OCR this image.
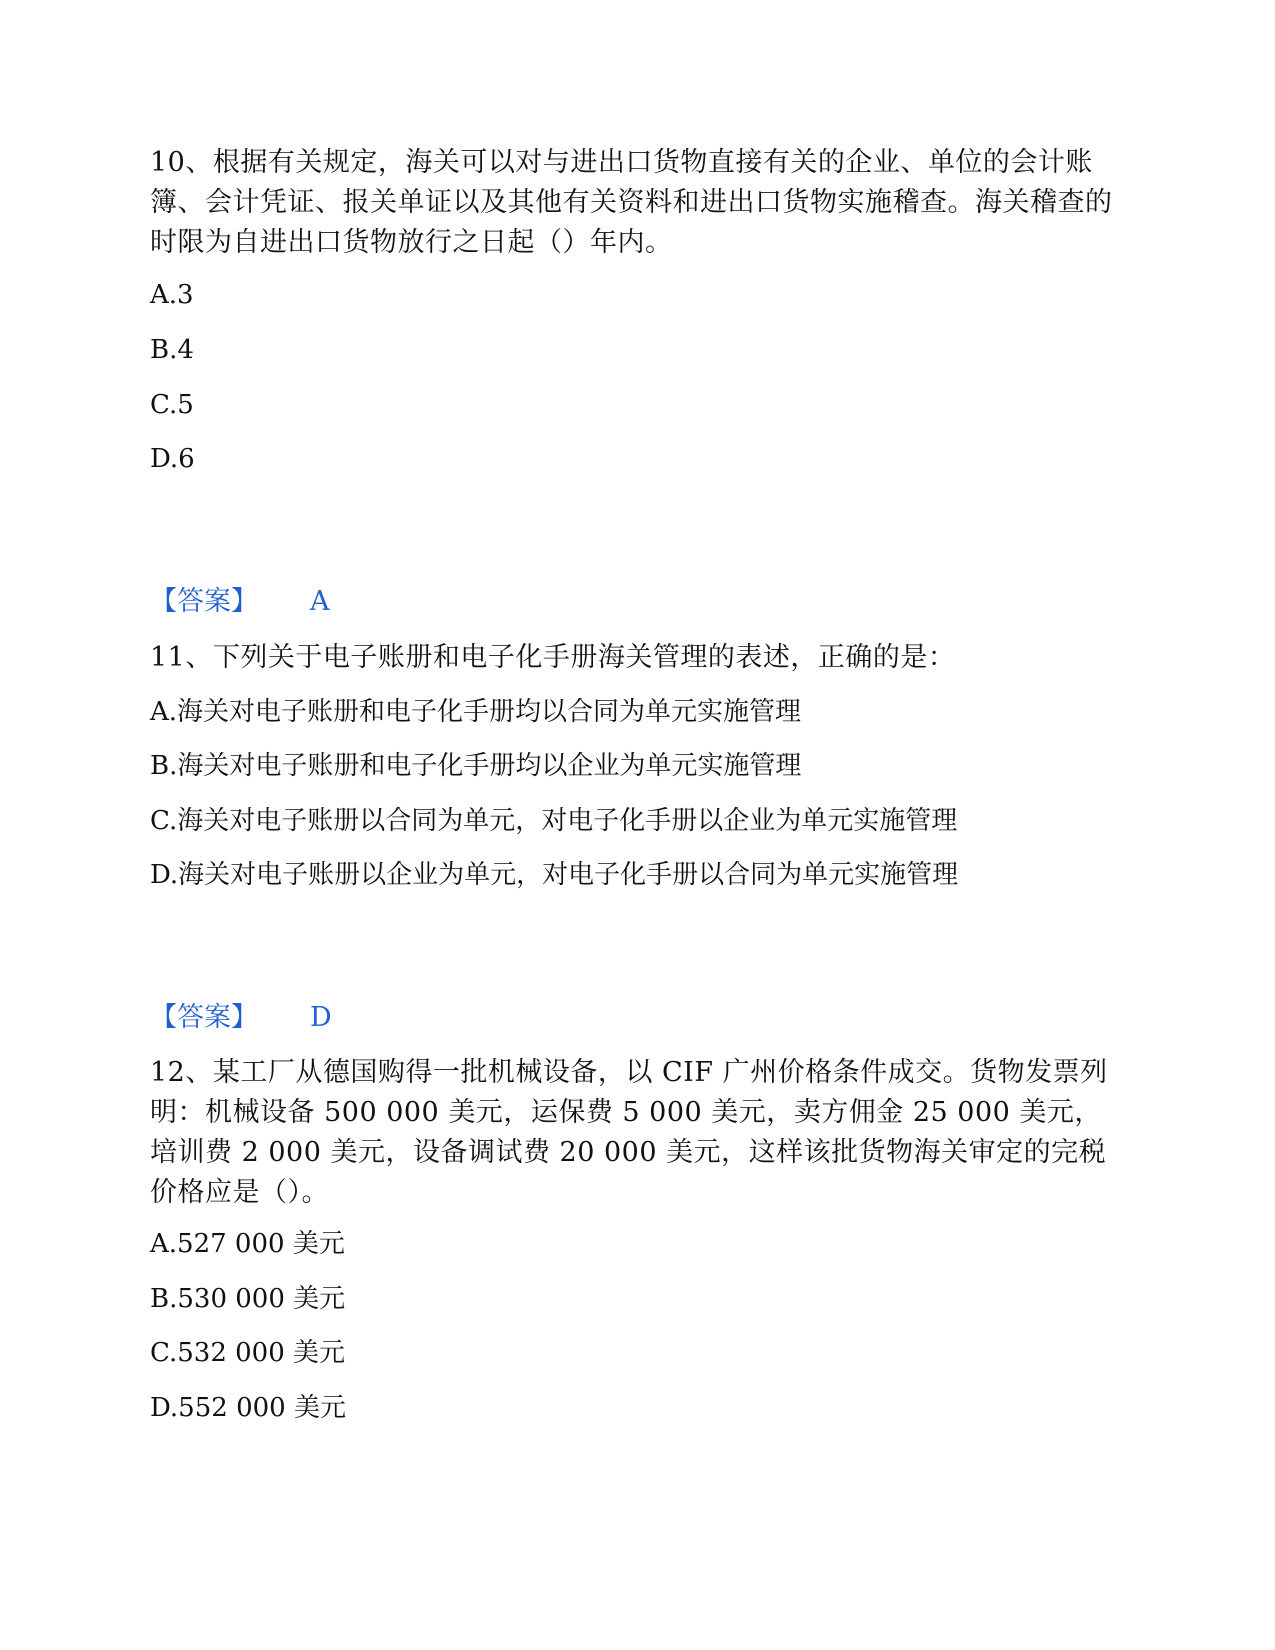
10、根据有关规定，海关可以对与进出口货物直接有关的企业、单位的会计账簿、会计凭证、报关单证以及其他有关资料和进出口货物实施稽查。海关稽查的时限为自进出口货物放行之日起（）年内。

A.3

B.4

C.5

D.6

【答案】 A

11、下列关于电子账册和电子化手册海关管理的表述，正确的是：

A.海关对电子账册和电子化手册均以合同为单元实施管理

B.海关对电子账册和电子化手册均以企业为单元实施管理

C.海关对电子账册以合同为单元，对电子化手册以企业为单元实施管理

D.海关对电子账册以企业为单元，对电子化手册以合同为单元实施管理

【答案】 D

12、某工厂从德国购得一批机械设备，以 CIF 广州价格条件成交。货物发票列明：机械设备 500 000 美元，运保费 5 000 美元，卖方佣金 25 000 美元，培训费 2 000 美元，设备调试费 20 000 美元，这样该批货物海关审定的完税价格应是（）。

A.527 000 美元

B.530 000 美元

C.532 000 美元

D.552 000 美元
